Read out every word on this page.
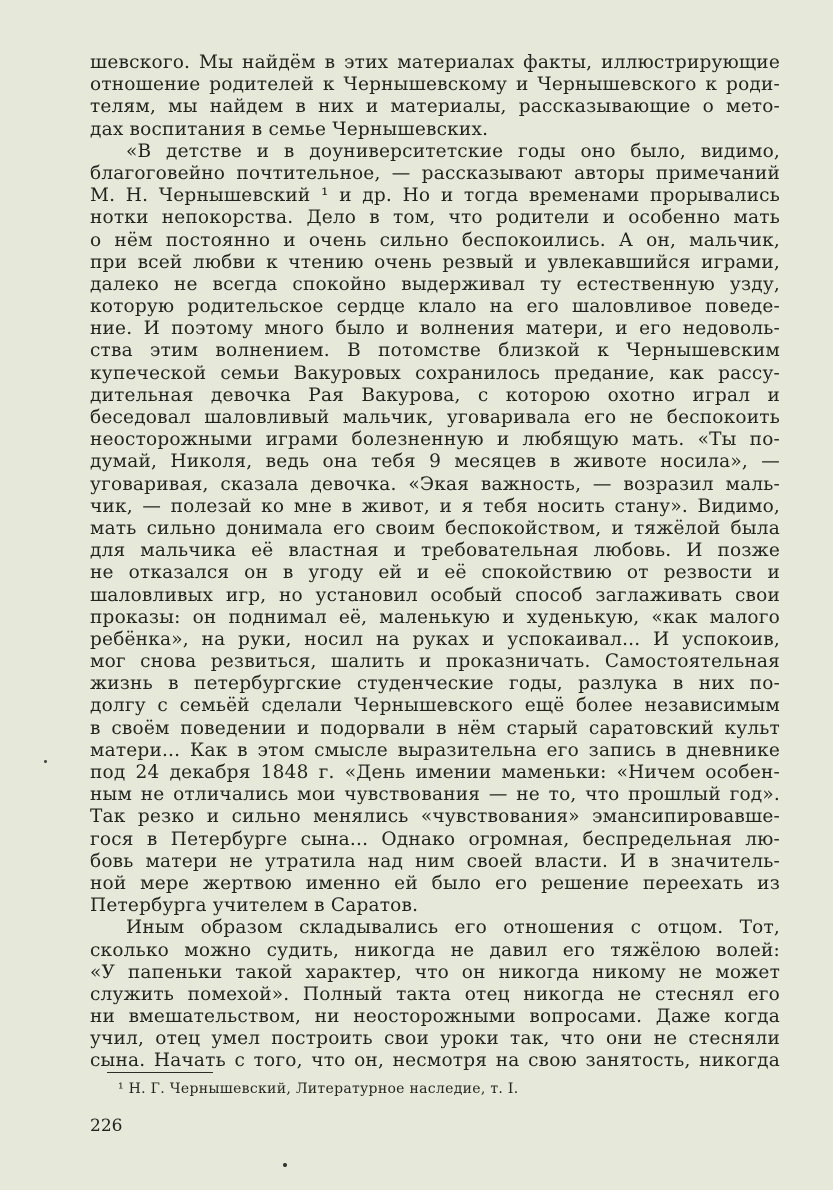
шевского. Мы найдём в этих материалах факты, иллюстрирующие
отношение родителей к Чернышевскому и Чернышевского к роди-
телям, мы найдем в них и материалы, рассказывающие о мето-
дах воспитания в семье Чернышевских.
«В детстве и в доуниверситетские годы оно было, видимо,
благоговейно почтительное, — рассказывают авторы примечаний
М. Н. Чернышевский ¹ и др. Но и тогда временами прорывались
нотки непокорства. Дело в том, что родители и особенно мать
о нём постоянно и очень сильно беспокоились. А он, мальчик,
при всей любви к чтению очень резвый и увлекавшийся играми,
далеко не всегда спокойно выдерживал ту естественную узду,
которую родительское сердце клало на его шаловливое поведе-
ние. И поэтому много было и волнения матери, и его недоволь-
ства этим волнением. В потомстве близкой к Чернышевским
купеческой семьи Вакуровых сохранилось предание, как рассу-
дительная девочка Рая Вакурова, с которою охотно играл и
беседовал шаловливый мальчик, уговаривала его не беспокоить
неосторожными играми болезненную и любящую мать. «Ты по-
думай, Николя, ведь она тебя 9 месяцев в животе носила», —
уговаривая, сказала девочка. «Экая важность, — возразил маль-
чик, — полезай ко мне в живот, и я тебя носить стану». Видимо,
мать сильно донимала его своим беспокойством, и тяжёлой была
для мальчика её властная и требовательная любовь. И позже
не отказался он в угоду ей и её спокойствию от резвости и
шаловливых игр, но установил особый способ заглаживать свои
проказы: он поднимал её, маленькую и худенькую, «как малого
ребёнка», на руки, носил на руках и успокаивал... И успокоив,
мог снова резвиться, шалить и проказничать. Самостоятельная
жизнь в петербургские студенческие годы, разлука в них по-
долгу с семьёй сделали Чернышевского ещё более независимым
в своём поведении и подорвали в нём старый саратовский культ
матери... Как в этом смысле выразительна его запись в дневнике
под 24 декабря 1848 г. «День имении маменьки: «Ничем особен-
ным не отличались мои чувствования — не то, что прошлый год».
Так резко и сильно менялись «чувствования» эмансипировавше-
гося в Петербурге сына... Однако огромная, беспредельная лю-
бовь матери не утратила над ним своей власти. И в значитель-
ной мере жертвою именно ей было его решение переехать из
Петербурга учителем в Саратов.
Иным образом складывались его отношения с отцом. Тот,
сколько можно судить, никогда не давил его тяжёлою волей:
«У папеньки такой характер, что он никогда никому не может
служить помехой». Полный такта отец никогда не стеснял его
ни вмешательством, ни неосторожными вопросами. Даже когда
учил, отец умел построить свои уроки так, что они не стесняли
сына. Начать с того, что он, несмотря на свою занятость, никогда
¹ Н. Г. Чернышевский, Литературное наследие, т. I.
226
